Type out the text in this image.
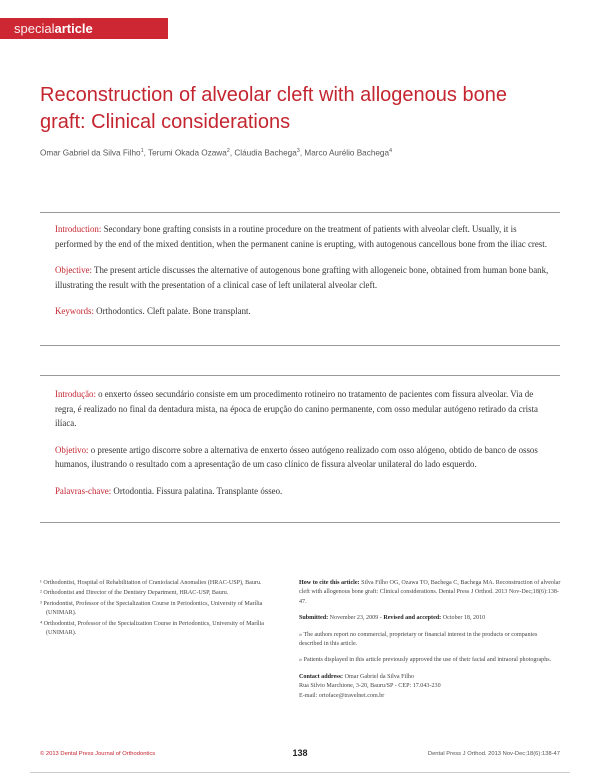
specialarticle
Reconstruction of alveolar cleft with allogenous bone graft: Clinical considerations
Omar Gabriel da Silva Filho$^1$, Terumi Okada Ozawa$^2$, Cláudia Bachega$^3$, Marco Aurélio Bachega$^4$

Introduction: Secondary bone grafting consists in a routine procedure on the treatment of patients with alveolar cleft. Usually, it is performed by the end of the mixed dentition, when the permanent canine is erupting, with autogenous cancellous bone from the iliac crest.

Objective: The present article discusses the alternative of autogenous bone grafting with allogeneic bone, obtained from human bone bank, illustrating the result with the presentation of a clinical case of left unilateral alveolar cleft.

Keywords: Orthodontics. Cleft palate. Bone transplant.

Introdução: o enxerto ósseo secundário consiste em um procedimento rotineiro no tratamento de pacientes com fissura alveolar. Via de regra, é realizado no final da dentadura mista, na época de erupção do canino permanente, com osso medular autógeno retirado da crista ilíaca.

Objetivo: o presente artigo discorre sobre a alternativa de enxerto ósseo autógeno realizado com osso alógeno, obtido de banco de ossos humanos, ilustrando o resultado com a apresentação de um caso clínico de fissura alveolar unilateral do lado esquerdo.

Palavras-chave: Ortodontia. Fissura palatina. Transplante ósseo.

¹ Orthodontist, Hospital of Rehabilitation of Craniofacial Anomalies (HRAC-USP), Bauru.
² Orthodontist and Director of the Dentistry Department, HRAC-USP, Bauru.
³ Periodontist, Professor of the Specialization Course in Periodontics, University of Marília (UNIMAR).
⁴ Orthodontist, Professor of the Specialization Course in Periodontics, University of Marília (UNIMAR).

How to cite this article: Silva Filho OG, Ozawa TO, Bachega C, Bachega MA. Reconstruction of alveolar cleft with allogenous bone graft: Clinical considerations. Dental Press J Orthod. 2013 Nov-Dec;18(6):138-47.

Submitted: November 23, 2009 - Revised and accepted: October 18, 2010

» The authors report no commercial, proprietary or financial interest in the products or companies described in this article.

» Patients displayed in this article previously approved the use of their facial and intraoral photographs.

Contact address: Omar Gabriel da Silva Filho
Rua Silvio Marchione, 3-20, Bauru/SP - CEP: 17.043-230
E-mail: ortoface@travelnet.com.br

© 2013 Dental Press Journal of Orthodontics	138	Dental Press J Orthod. 2013 Nov-Dec;18(6):138-47
